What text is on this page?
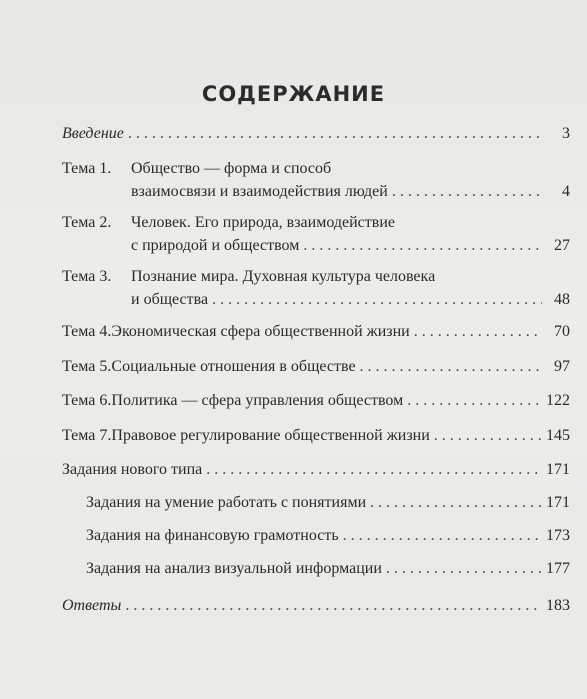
СОДЕРЖАНИЕ
Введение . . .	3
Тема 1.	Общество — форма и способ
взаимосвязи и взаимодействия людей . . .	4
Тема 2.	Человек. Его природа, взаимодействие
с природой и обществом . . .	27
Тема 3.	Познание мира. Духовная культура человека
и общества . . .	48
Тема 4. Экономическая сфера общественной жизни . . .	70
Тема 5. Социальные отношения в обществе . . .	97
Тема 6. Политика — сфера управления обществом . . .	122
Тема 7. Правовое регулирование общественной жизни . . .	145
Задания нового типа . . .	171
Задания на умение работать с понятиями . . .	171
Задания на финансовую грамотность . . .	173
Задания на анализ визуальной информации . . .	177
Ответы . . .	183
